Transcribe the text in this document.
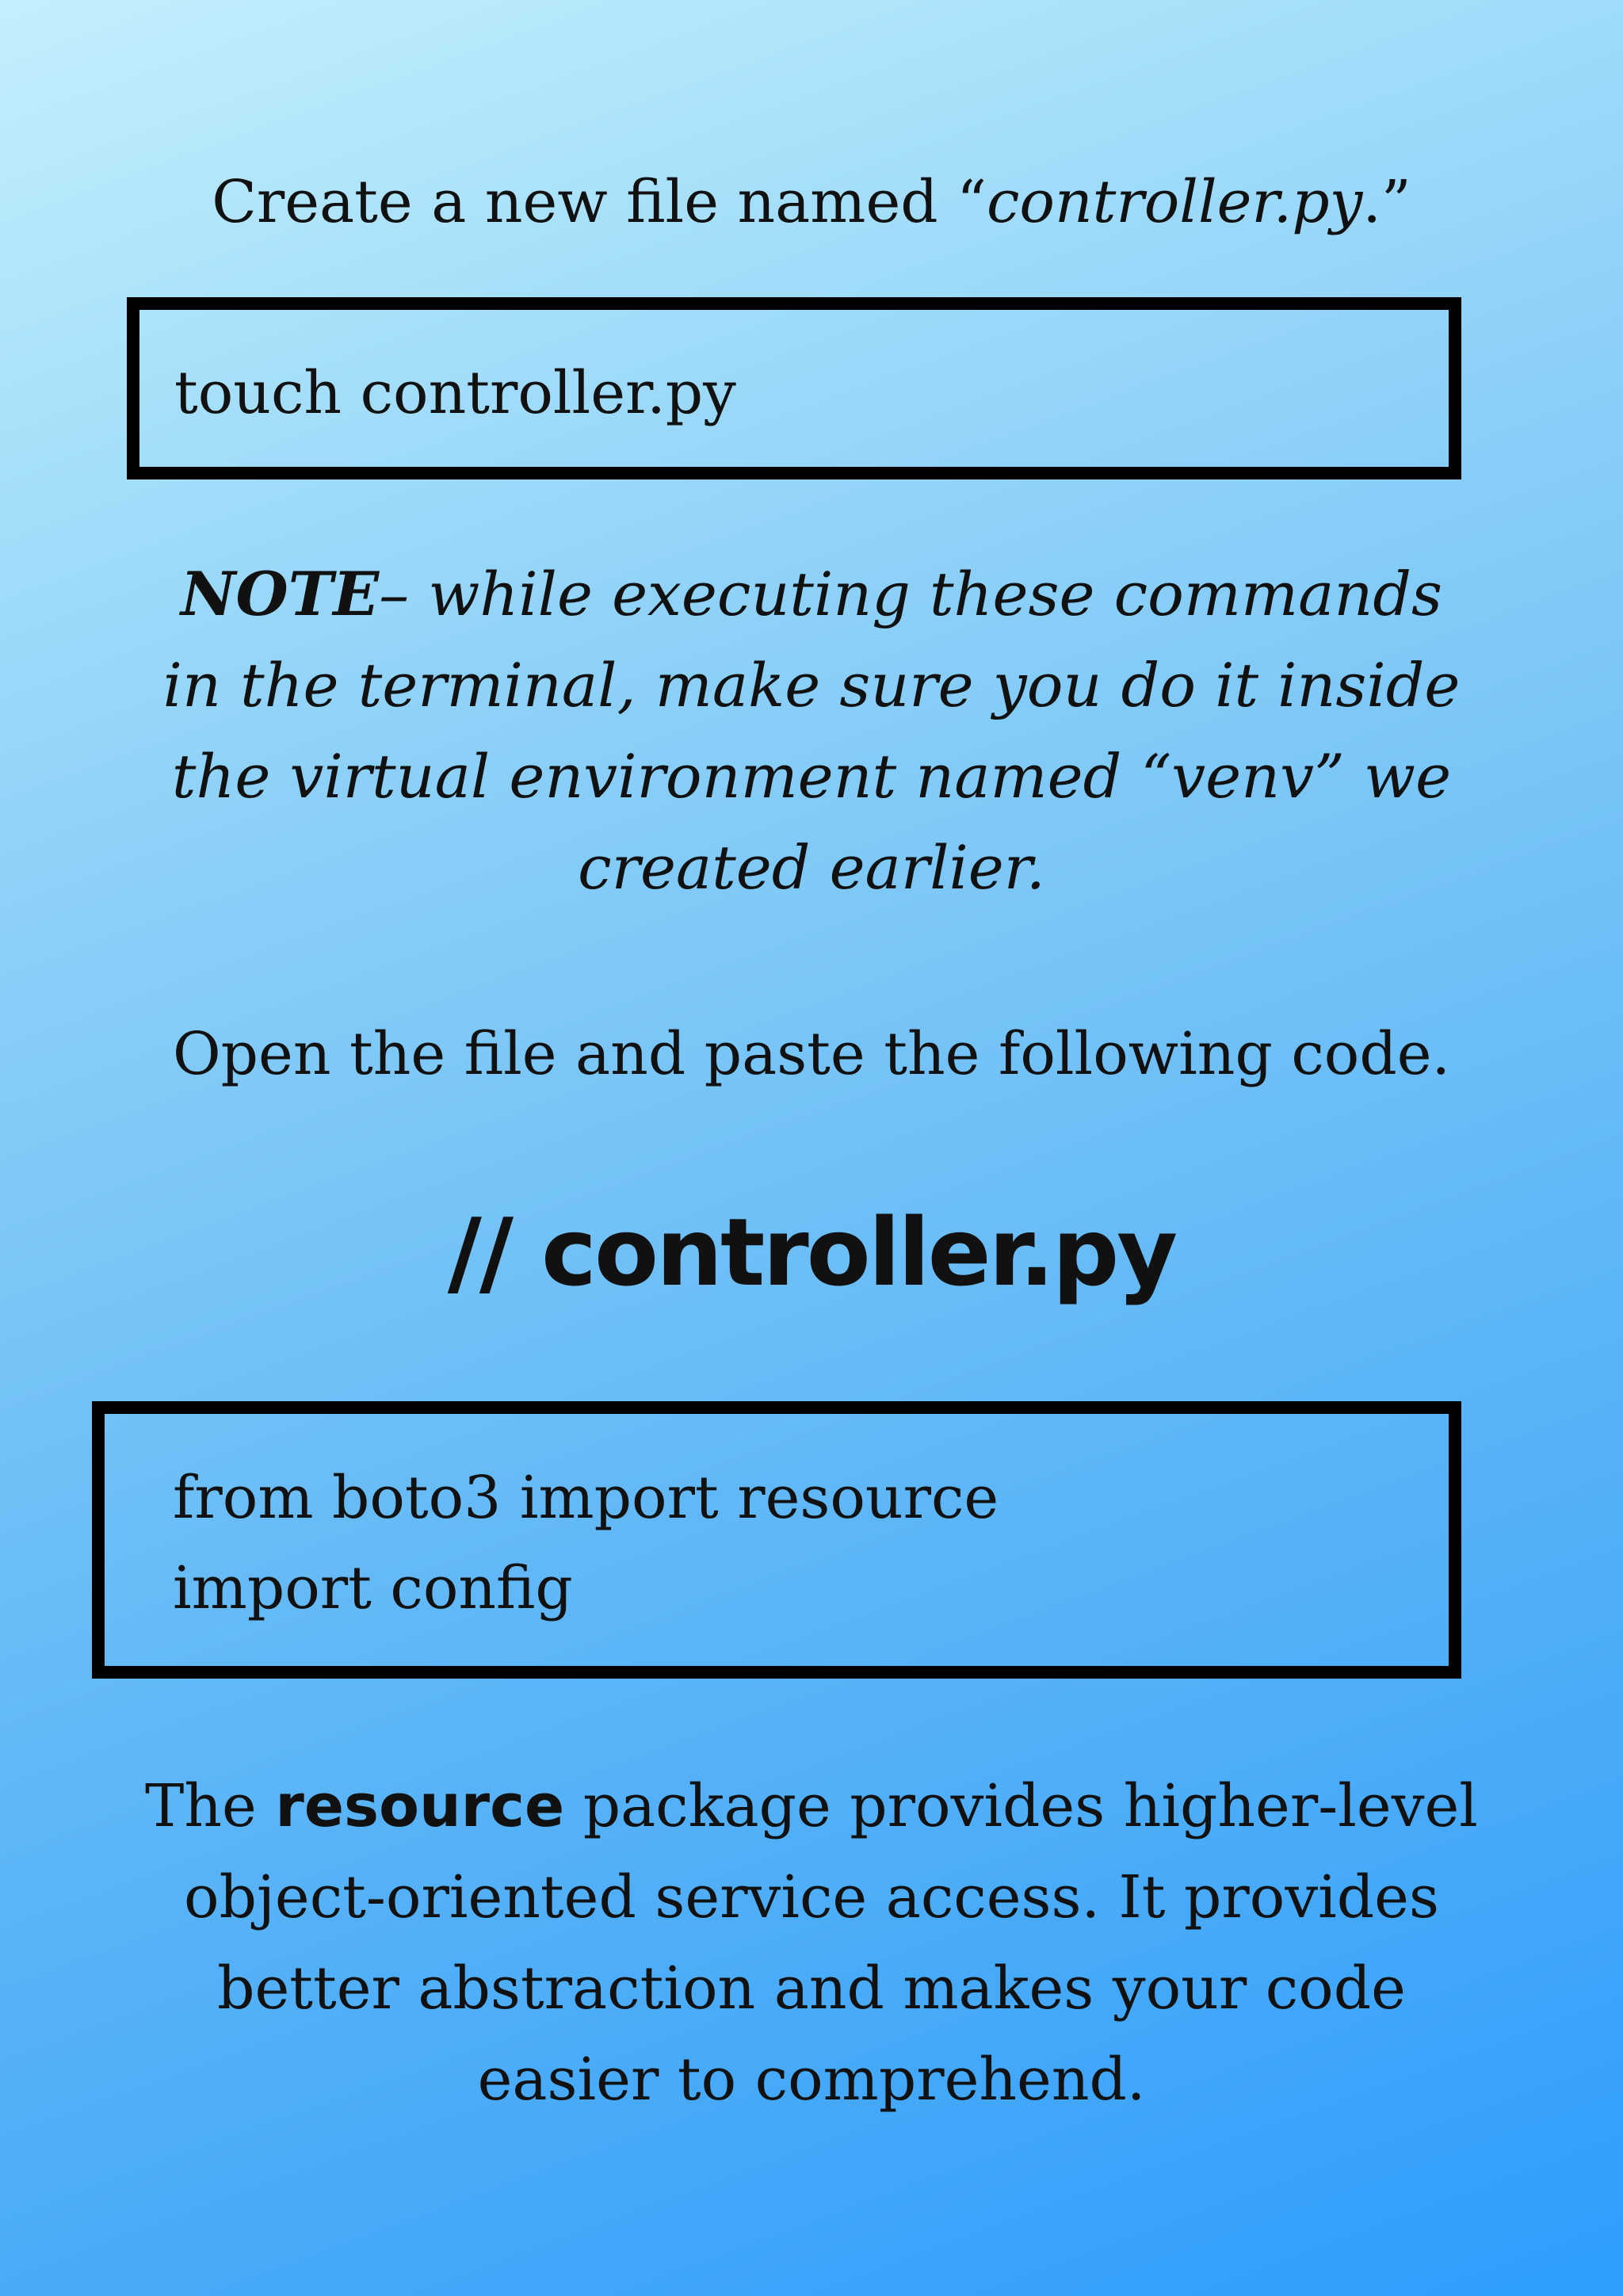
Create a new file named “controller.py.”
touch controller.py
NOTE– while executing these commands in the terminal, make sure you do it inside the virtual environment named “venv” we created earlier.
Open the file and paste the following code.
// controller.py
from boto3 import resource
import config
The resource package provides higher-level object-oriented service access. It provides better abstraction and makes your code easier to comprehend.
